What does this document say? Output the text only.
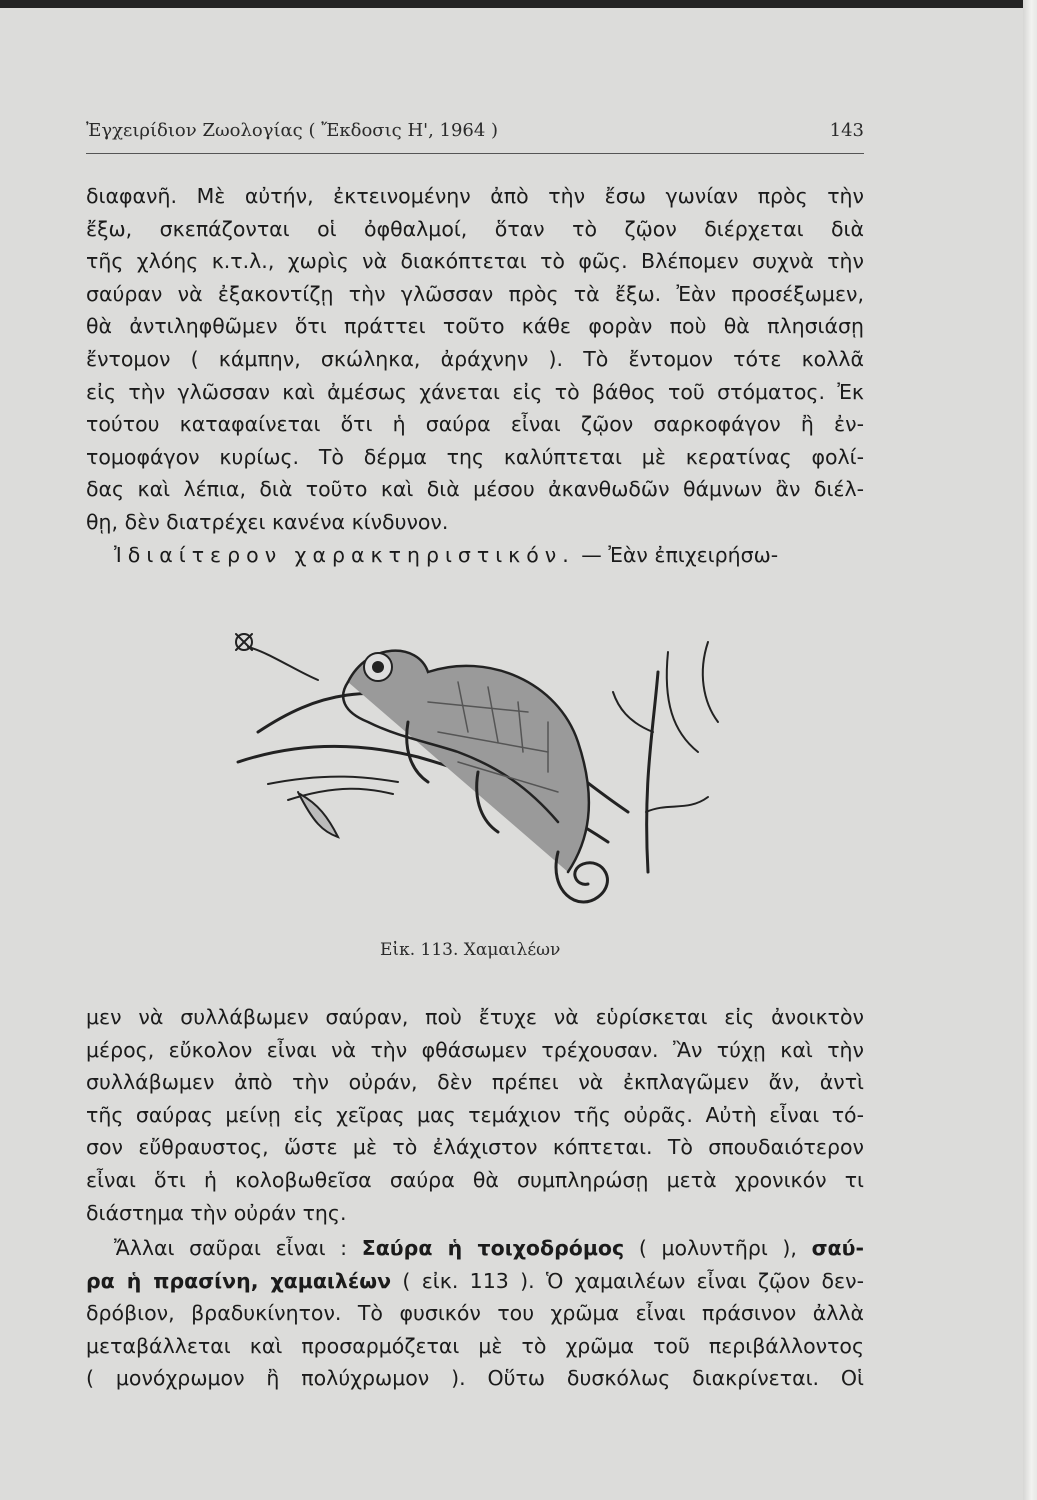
Ἐγχειρίδιον Ζωολογίας ( Ἔκδοσις Η', 1964 )	143
διαφανῆ. Μὲ αὐτήν, ἐκτεινομένην ἀπὸ τὴν ἔσω γωνίαν πρὸς τὴν
ἔξω, σκεπάζονται οἱ ὀφθαλμοί, ὅταν τὸ ζῷον διέρχεται διὰ
τῆς χλόης κ.τ.λ., χωρὶς νὰ διακόπτεται τὸ φῶς. Βλέπομεν συχνὰ τὴν
σαύραν νὰ ἐξακοντίζῃ τὴν γλῶσσαν πρὸς τὰ ἔξω. Ἐὰν προσέξωμεν,
θὰ ἀντιληφθῶμεν ὅτι πράττει τοῦτο κάθε φορὰν ποὺ θὰ πλησιάσῃ
ἔντομον ( κάμπην, σκώληκα, ἀράχνην ). Τὸ ἔντομον τότε κολλᾶ
εἰς τὴν γλῶσσαν καὶ ἀμέσως χάνεται εἰς τὸ βάθος τοῦ στόματος. Ἐκ
τούτου καταφαίνεται ὅτι ἡ σαύρα εἶναι ζῷον σαρκοφάγον ἢ ἐν-
τομοφάγον κυρίως. Τὸ δέρμα της καλύπτεται μὲ κερατίνας φολί-
δας καὶ λέπια, διὰ τοῦτο καὶ διὰ μέσου ἀκανθωδῶν θάμνων ἂν διέλ-
θῃ, δὲν διατρέχει κανένα κίνδυνον.
Ἰδιαίτερον χαρακτηριστικόν. — Ἐὰν ἐπιχειρήσω-
Εἰκ. 113. Χαμαιλέων
μεν νὰ συλλάβωμεν σαύραν, ποὺ ἔτυχε νὰ εὑρίσκεται εἰς ἀνοικτὸν
μέρος, εὔκολον εἶναι νὰ τὴν φθάσωμεν τρέχουσαν. Ἂν τύχῃ καὶ τὴν
συλλάβωμεν ἀπὸ τὴν οὐράν, δὲν πρέπει νὰ ἐκπλαγῶμεν ἄν, ἀντὶ
τῆς σαύρας μείνῃ εἰς χεῖρας μας τεμάχιον τῆς οὐρᾶς. Αὐτὴ εἶναι τό-
σον εὔθραυστος, ὥστε μὲ τὸ ἐλάχιστον κόπτεται. Τὸ σπουδαιότερον
εἶναι ὅτι ἡ κολοβωθεῖσα σαύρα θὰ συμπληρώσῃ μετὰ χρονικόν τι
διάστημα τὴν οὐράν της.
Ἄλλαι σαῦραι εἶναι : Σαύρα ἡ τοιχοδρόμος ( μολυντῆρι ), σαύ-
ρα ἡ πρασίνη, χαμαιλέων ( εἰκ. 113 ). Ὁ χαμαιλέων εἶναι ζῷον δεν-
δρόβιον, βραδυκίνητον. Τὸ φυσικόν του χρῶμα εἶναι πράσινον ἀλλὰ
μεταβάλλεται καὶ προσαρμόζεται μὲ τὸ χρῶμα τοῦ περιβάλλοντος
( μονόχρωμον ἢ πολύχρωμον ). Οὕτω δυσκόλως διακρίνεται. Οἱ
